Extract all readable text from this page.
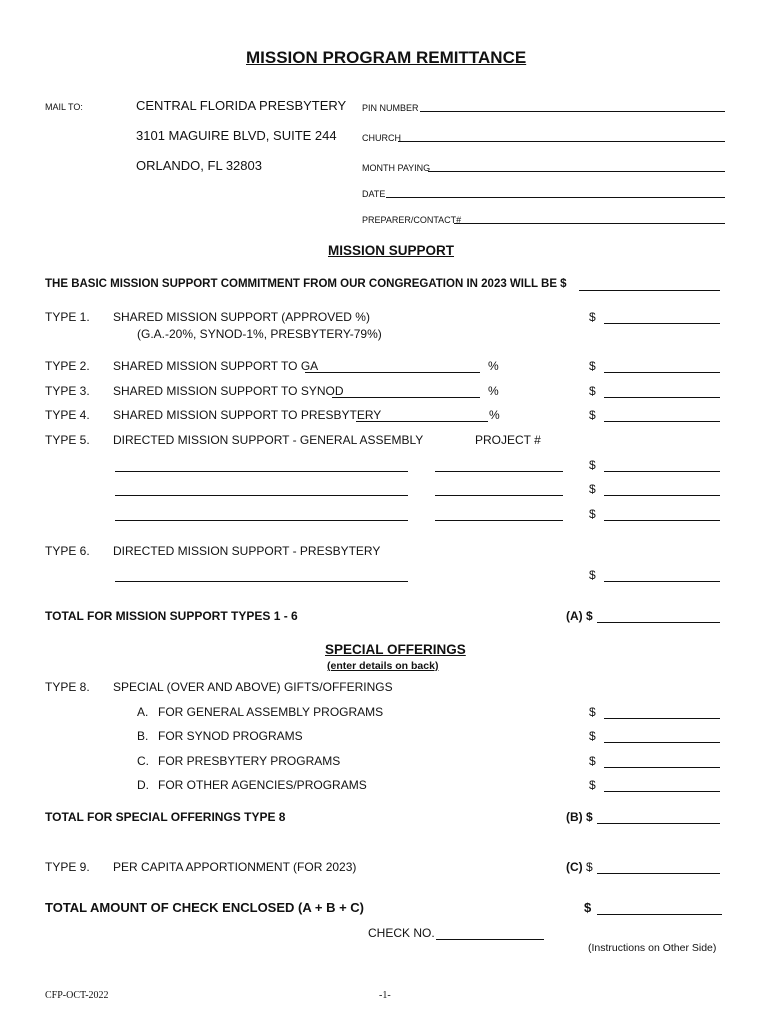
MISSION PROGRAM REMITTANCE
MAIL TO:	CENTRAL FLORIDA PRESBYTERY
3101 MAGUIRE BLVD, SUITE 244
ORLANDO, FL 32803
PIN NUMBER
CHURCH
MONTH PAYING
DATE
PREPARER/CONTACT#
MISSION SUPPORT
THE BASIC MISSION SUPPORT COMMITMENT FROM OUR CONGREGATION IN 2023 WILL BE $
TYPE 1. SHARED MISSION SUPPORT (APPROVED %)
(G.A.-20%, SYNOD-1%, PRESBYTERY-79%)
$
TYPE 2. SHARED MISSION SUPPORT TO GA	%	$
TYPE 3. SHARED MISSION SUPPORT TO SYNOD	%	$
TYPE 4. SHARED MISSION SUPPORT TO PRESBYTERY	%	$
TYPE 5. DIRECTED MISSION SUPPORT - GENERAL ASSEMBLY	PROJECT #
$
$
$
TYPE 6. DIRECTED MISSION SUPPORT - PRESBYTERY
$
TOTAL FOR MISSION SUPPORT TYPES 1 - 6	(A) $
SPECIAL OFFERINGS
(enter details on back)
TYPE 8. SPECIAL (OVER AND ABOVE) GIFTS/OFFERINGS
A. FOR GENERAL ASSEMBLY PROGRAMS	$
B. FOR SYNOD PROGRAMS	$
C. FOR PRESBYTERY PROGRAMS	$
D. FOR OTHER AGENCIES/PROGRAMS	$
TOTAL FOR SPECIAL OFFERINGS TYPE 8	(B) $
TYPE 9. PER CAPITA APPORTIONMENT (FOR 2023)	(C) $
TOTAL AMOUNT OF CHECK ENCLOSED (A + B + C)	$
CHECK NO.
(Instructions on Other Side)
CFP-OCT-2022	-1-
